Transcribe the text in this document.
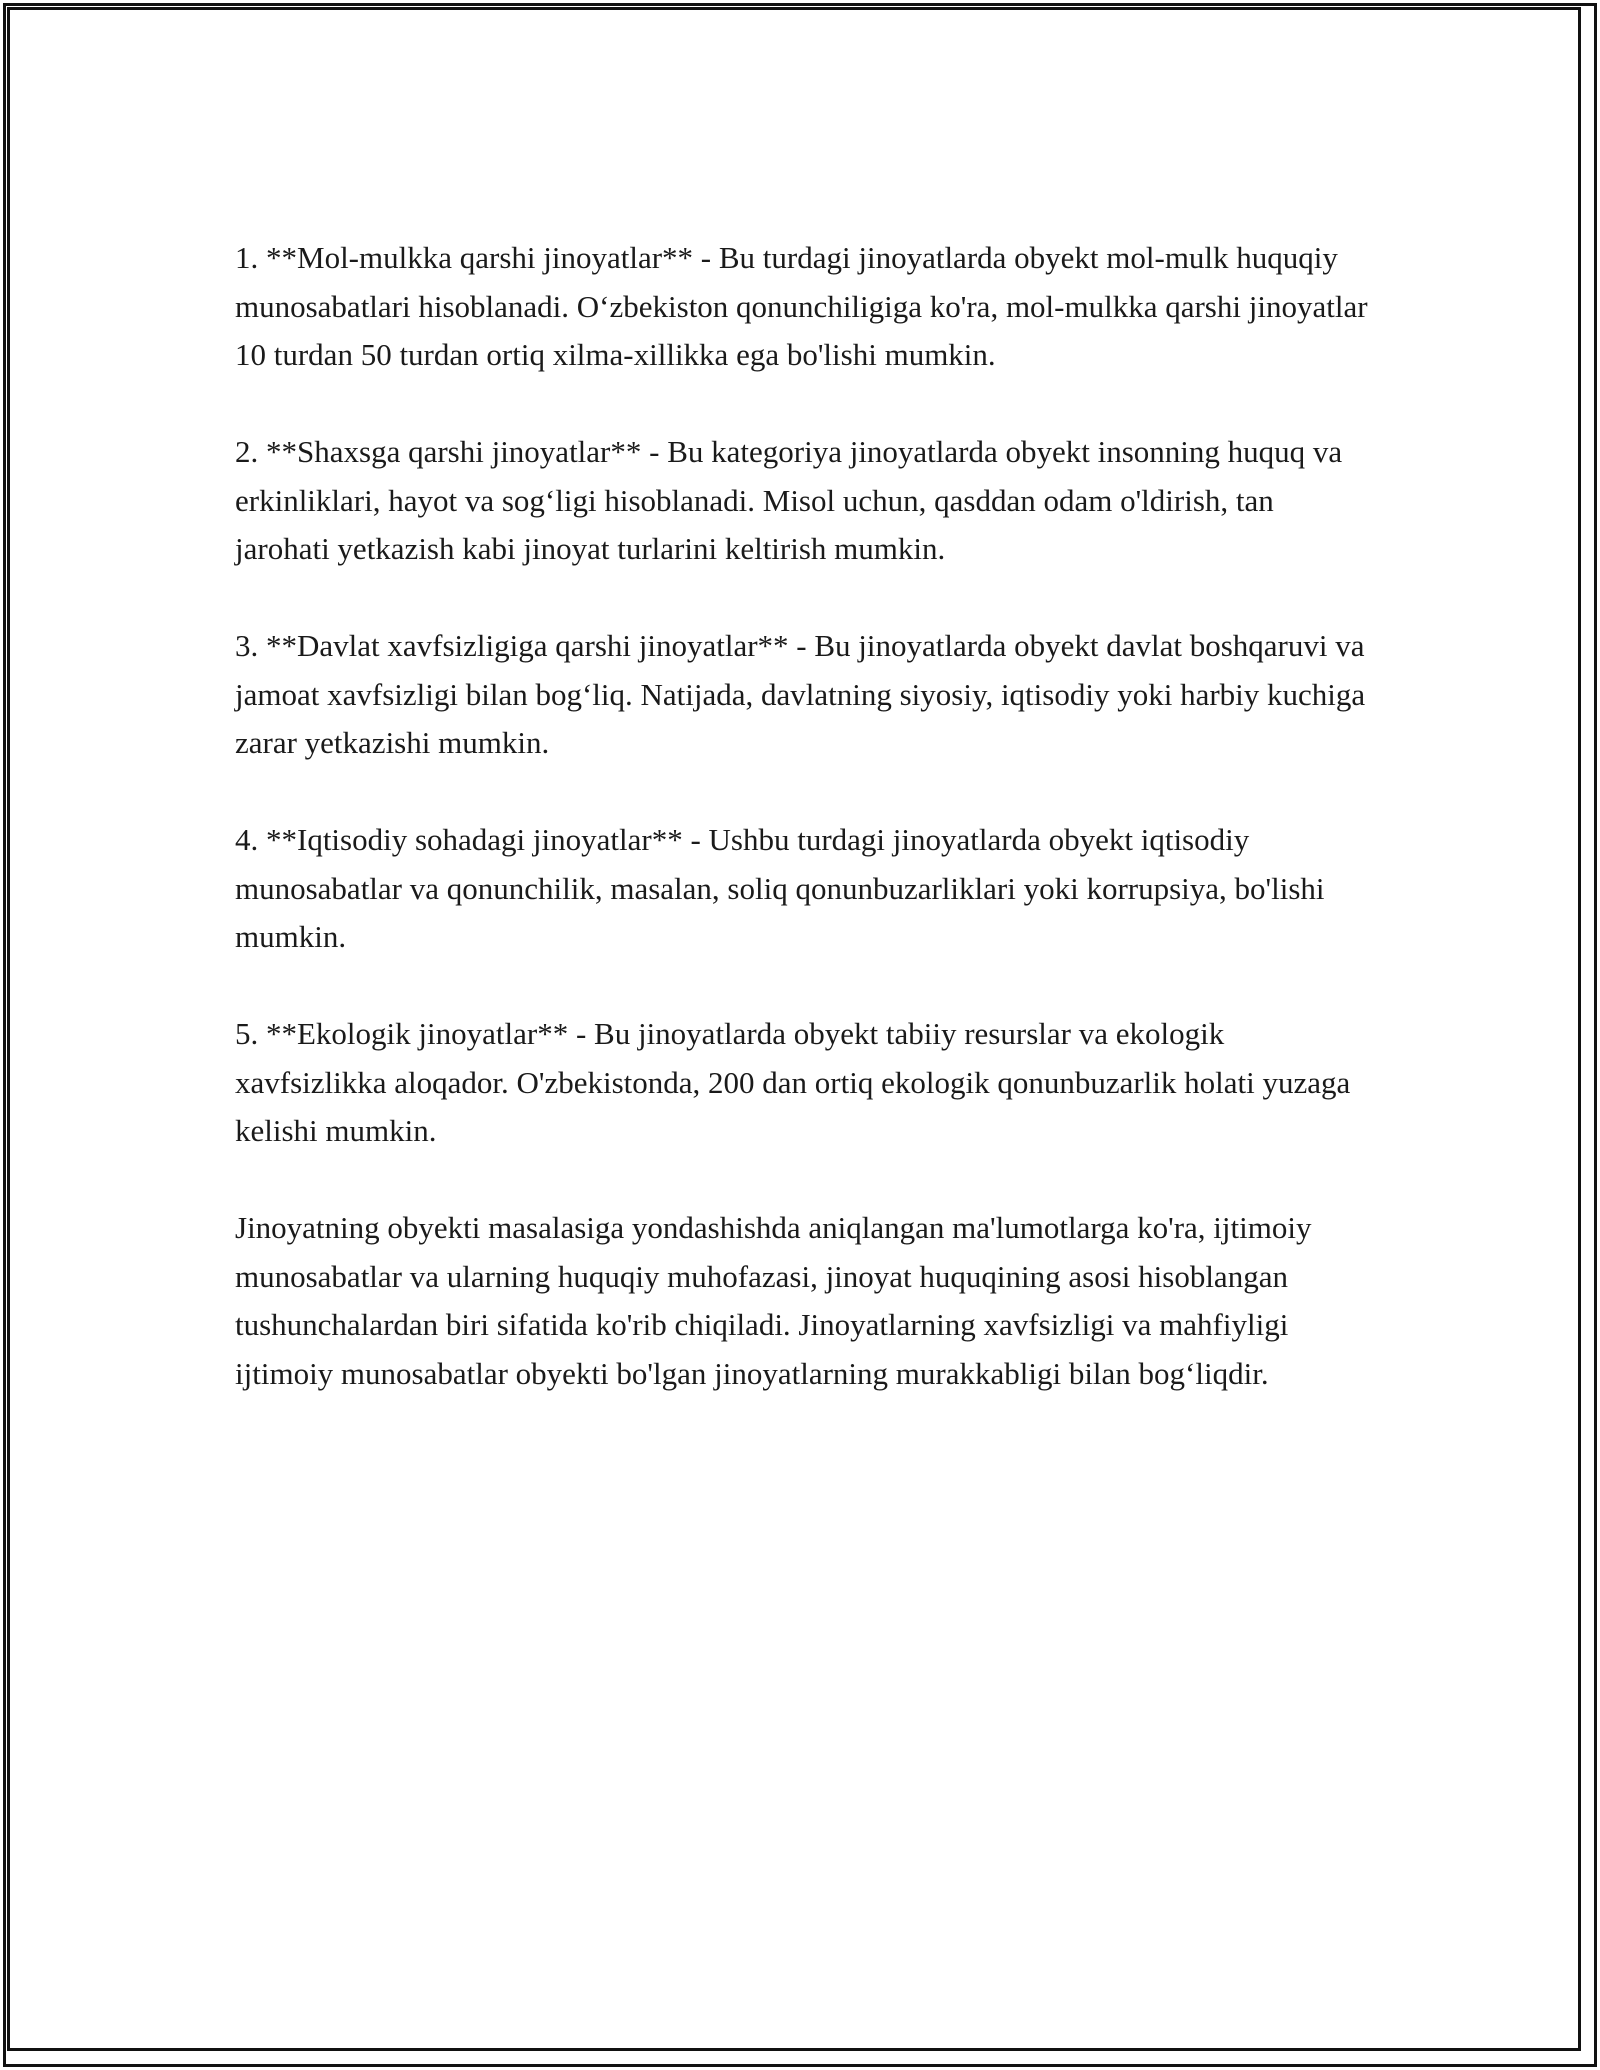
1. **Mol-mulkka qarshi jinoyatlar** - Bu turdagi jinoyatlarda obyekt mol-mulk huquqiy munosabatlari hisoblanadi. O‘zbekiston qonunchiligiga ko'ra, mol-mulkka qarshi jinoyatlar 10 turdan 50 turdan ortiq xilma-xillikka ega bo'lishi mumkin.

2. **Shaxsga qarshi jinoyatlar** - Bu kategoriya jinoyatlarda obyekt insonning huquq va erkinliklari, hayot va sog‘ligi hisoblanadi. Misol uchun, qasddan odam o'ldirish, tan jarohati yetkazish kabi jinoyat turlarini keltirish mumkin.

3. **Davlat xavfsizligiga qarshi jinoyatlar** - Bu jinoyatlarda obyekt davlat boshqaruvi va jamoat xavfsizligi bilan bog‘liq. Natijada, davlatning siyosiy, iqtisodiy yoki harbiy kuchiga zarar yetkazishi mumkin.

4. **Iqtisodiy sohadagi jinoyatlar** - Ushbu turdagi jinoyatlarda obyekt iqtisodiy munosabatlar va qonunchilik, masalan, soliq qonunbuzarliklari yoki korrupsiya, bo'lishi mumkin.

5. **Ekologik jinoyatlar** - Bu jinoyatlarda obyekt tabiiy resurslar va ekologik xavfsizlikka aloqador. O'zbekistonda, 200 dan ortiq ekologik qonunbuzarlik holati yuzaga kelishi mumkin.

Jinoyatning obyekti masalasiga yondashishda aniqlangan ma'lumotlarga ko'ra, ijtimoiy munosabatlar va ularning huquqiy muhofazasi, jinoyat huquqining asosi hisoblangan tushunchalardan biri sifatida ko'rib chiqiladi. Jinoyatlarning xavfsizligi va mahfiyligi ijtimoiy munosabatlar obyekti bo'lgan jinoyatlarning murakkabligi bilan bog‘liqdir.
